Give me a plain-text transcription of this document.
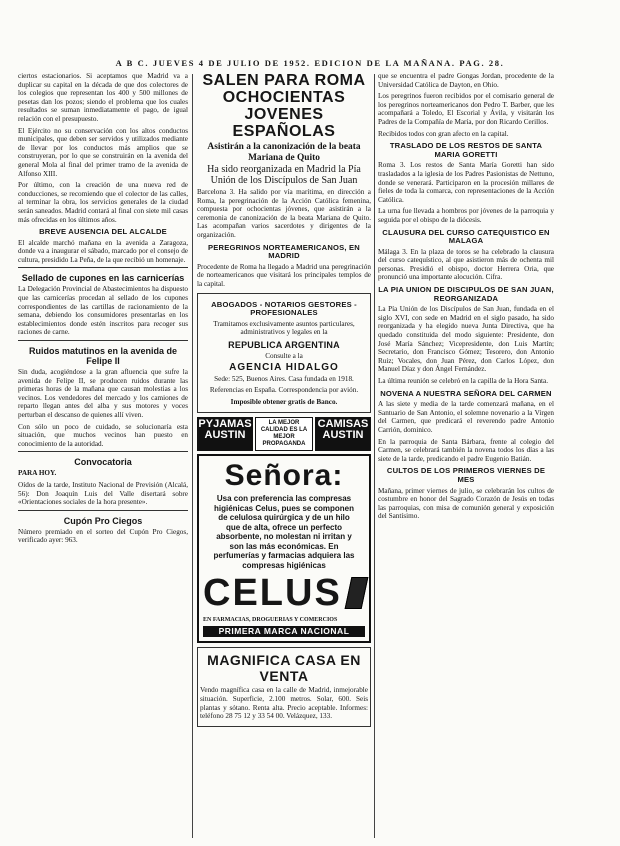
A B C. JUEVES 4 DE JULIO DE 1952. EDICION DE LA MAÑANA. PAG. 28.

ciertos estacionarios. Si aceptamos que Madrid va a duplicar su capital en la década de que dos colectores de los colegios que representan los 400 y 500 millones de pesetas dan los pozos; siendo el problema que los cuales resultados se suman inmediatamente el pago, de igual relación con el presupuesto.

El Ejército no su conservación con los altos conductos municipales, que deben ser servidos y utilizados mediante de llevar por los conductos más amplios que se construyeran, por lo que se construirán en la avenida del general Mola al final del primer tramo de la avenida de Alfonso XIII.

Por último, con la creación de una nueva red de conducciones, se recomiendo que el colector de las calles, al terminar la obra, los servicios generales de la ciudad serán saneados. Madrid contará al final con siete mil casas más ofrecidas en los últimos años.

BREVE AUSENCIA DEL ALCALDE

El alcalde marchó mañana en la avenida a Zaragoza, donde va a inaugurar el sábado, marcado por el consejo de cultura, presidido La Peña, de la que recibió un homenaje.

Sellado de cupones en las carnicerías

La Delegación Provincial de Abastecimientos ha dispuesto que las carnicerías procedan al sellado de los cupones correspondientes de las cartillas de racionamiento de la semana, debiendo los consumidores presentarlas en los establecimientos donde estén inscritos para recoger sus raciones de carne.

Ruidos matutinos en la avenida de Felipe II

Sin duda, acogiéndose a la gran afluencia que sufre la avenida de Felipe II, se producen ruidos durante las primeras horas de la mañana que causan molestias a los vecinos. Los vendedores del mercado y los camiones de reparto llegan antes del alba y sus motores y voces perturban el descanso de quienes allí viven.

Con sólo un poco de cuidado, se solucionaría esta situación, que muchos vecinos han puesto en conocimiento de la autoridad.

Convocatoria

PARA HOY.

Oídos de la tarde, Instituto Nacional de Previsión (Alcalá, 56): Don Joaquín Luis del Valle disertará sobre «Orientaciones sociales de la hora presente».

Cupón Pro Ciegos

Número premiado en el sorteo del Cupón Pro Ciegos, verificado ayer: 963.

SALEN PARA ROMA
OCHOCIENTAS JOVENES
ESPAÑOLAS
Asistirán a la canonización de la beata Mariana de Quito
Ha sido reorganizada en Madrid la Pía Unión de los Discípulos de San Juan

Barcelona 3. Ha salido por vía marítima, en dirección a Roma, la peregrinación de la Acción Católica femenina, compuesta por ochocientas jóvenes, que asistirán a la ceremonia de canonización de la beata Mariana de Quito. Las acompañan varios sacerdotes y dirigentes de la organización.

PEREGRINOS NORTEAMERICANOS, EN MADRID

Procedente de Roma ha llegado a Madrid una peregrinación de norteamericanos que visitará los principales templos de la capital.

ABOGADOS - NOTARIOS GESTORES - PROFESIONALES

Tramitamos exclusivamente asuntos particulares, administrativos y legales en la

REPUBLICA ARGENTINA

Consulte a la

AGENCIA HIDALGO

Sede: 525, Buenos Aires. Casa fundada en 1918.

Referencias en España. Correspondencia por avión.

Imposible obtener gratis de Banco.

PYJAMAS AUSTIN
LA MEJOR CALIDAD ES LA MEJOR PROPAGANDA
CAMISAS AUSTIN
Señora:
Usa con preferencia las compresas higiénicas Celus, pues se componen de celulosa quirúrgica y de un hilo que de alta, ofrece un perfecto absorbente, no molestan ni irritan y son las más económicas. En perfumerías y farmacias adquiera las compresas higiénicas
CELUS
EN FARMACIAS, DROGUERIAS Y COMERCIOS
PRIMERA MARCA NACIONAL
MAGNIFICA CASA EN VENTA

Vendo magnífica casa en la calle de Madrid, inmejorable situación. Superficie, 2.100 metros. Solar, 600. Seis plantas y sótano. Renta alta. Precio aceptable. Informes: teléfono 28 75 12 y 33 54 00. Velázquez, 133.

que se encuentra el padre Gongas Jordan, procedente de la Universidad Católica de Dayton, en Ohio.

Los peregrinos fueron recibidos por el comisario general de los peregrinos norteamericanos don Pedro T. Barber, que les acompañará a Toledo, El Escorial y Ávila, y visitarán los Padres de la Compañía de María, por don Ricardo Cerillos.

Recibidos todos con gran afecto en la capital.

TRASLADO DE LOS RESTOS DE SANTA MARIA GORETTI

Roma 3. Los restos de Santa María Goretti han sido trasladados a la iglesia de los Padres Pasionistas de Nettuno, donde se venerará. Participaron en la procesión millares de fieles de toda la comarca, con representaciones de la Acción Católica.

La urna fue llevada a hombros por jóvenes de la parroquia y seguida por el obispo de la diócesis.

CLAUSURA DEL CURSO CATEQUISTICO EN MALAGA

Málaga 3. En la plaza de toros se ha celebrado la clausura del curso catequístico, al que asistieron más de ochenta mil personas. Presidió el obispo, doctor Herrera Oria, que pronunció una importante alocución. Cifra.

LA PIA UNION DE DISCIPULOS DE SAN JUAN, REORGANIZADA

La Pía Unión de los Discípulos de San Juan, fundada en el siglo XVI, con sede en Madrid en el siglo pasado, ha sido reorganizada y ha elegido nueva Junta Directiva, que ha quedado constituida del modo siguiente: Presidente, don José María Sánchez; Vicepresidente, don Luis Martín; Secretario, don Francisco Gómez; Tesorero, don Antonio Ruiz; Vocales, don Juan Pérez, don Carlos López, don Manuel Díaz y don Ángel Fernández.

La última reunión se celebró en la capilla de la Hora Santa.

NOVENA A NUESTRA SEÑORA DEL CARMEN

A las siete y media de la tarde comenzará mañana, en el Santuario de San Antonio, el solemne novenario a la Virgen del Carmen, que predicará el reverendo padre Antonio Carrión, dominico.

En la parroquia de Santa Bárbara, frente al colegio del Carmen, se celebrará también la novena todos los días a las siete de la tarde, predicando el padre Eugenio Batián.

CULTOS DE LOS PRIMEROS VIERNES DE MES

Mañana, primer viernes de julio, se celebrarán los cultos de costumbre en honor del Sagrado Corazón de Jesús en todas las parroquias, con misa de comunión general y exposición del Santísimo.
